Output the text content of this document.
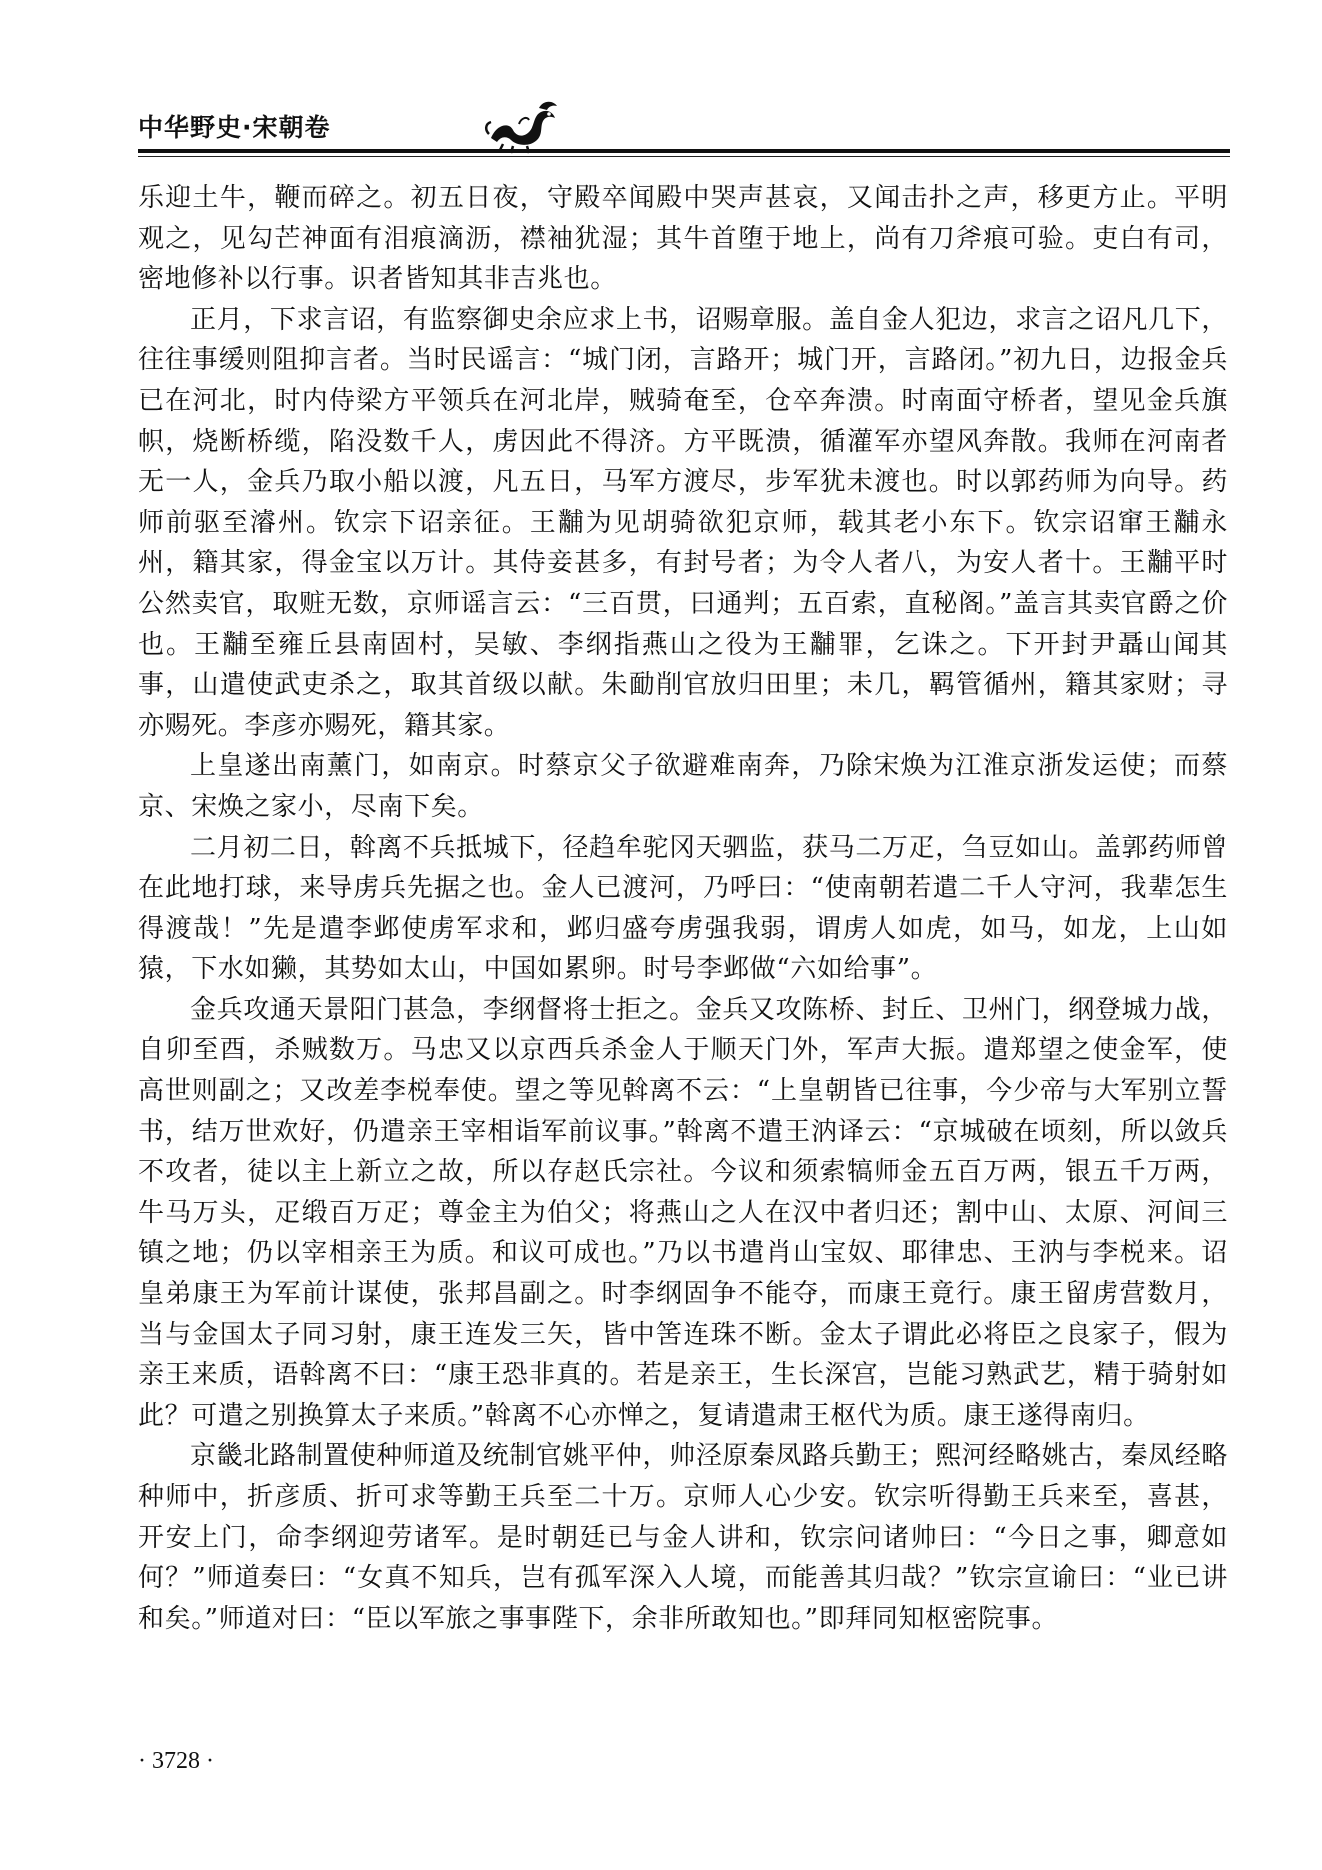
中华野史·宋朝卷

乐迎土牛，鞭而碎之。初五日夜，守殿卒闻殿中哭声甚哀，又闻击扑之声，移更方止。平明观之，见勾芒神面有泪痕滴沥，襟袖犹湿；其牛首堕于地上，尚有刀斧痕可验。吏白有司，密地修补以行事。识者皆知其非吉兆也。

正月，下求言诏，有监察御史余应求上书，诏赐章服。盖自金人犯边，求言之诏凡几下，往往事缓则阻抑言者。当时民谣言：“城门闭，言路开；城门开，言路闭。”初九日，边报金兵已在河北，时内侍梁方平领兵在河北岸，贼骑奄至，仓卒奔溃。时南面守桥者，望见金兵旗帜，烧断桥缆，陷没数千人，虏因此不得济。方平既溃，循灌军亦望风奔散。我师在河南者无一人，金兵乃取小船以渡，凡五日，马军方渡尽，步军犹未渡也。时以郭药师为向导。药师前驱至濬州。钦宗下诏亲征。王黼为见胡骑欲犯京师，载其老小东下。钦宗诏窜王黼永州，籍其家，得金宝以万计。其侍妾甚多，有封号者；为令人者八，为安人者十。王黼平时公然卖官，取赃无数，京师谣言云：“三百贯，曰通判；五百索，直秘阁。”盖言其卖官爵之价也。王黼至雍丘县南固村，吴敏、李纲指燕山之役为王黼罪，乞诛之。下开封尹聶山闻其事，山遣使武吏杀之，取其首级以献。朱勔削官放归田里；未几，羁管循州，籍其家财；寻亦赐死。李彦亦赐死，籍其家。

上皇遂出南薰门，如南京。时蔡京父子欲避难南奔，乃除宋焕为江淮京浙发运使；而蔡京、宋焕之家小，尽南下矣。

二月初二日，斡离不兵抵城下，径趋牟驼冈天驷监，获马二万疋，刍豆如山。盖郭药师曾在此地打球，来导虏兵先据之也。金人已渡河，乃呼曰：“使南朝若遣二千人守河，我辈怎生得渡哉！”先是遣李邺使虏军求和，邺归盛夸虏强我弱，谓虏人如虎，如马，如龙，上山如猿，下水如獭，其势如太山，中国如累卵。时号李邺做“六如给事”。

金兵攻通天景阳门甚急，李纲督将士拒之。金兵又攻陈桥、封丘、卫州门，纲登城力战，自卯至酉，杀贼数万。马忠又以京西兵杀金人于顺天门外，军声大振。遣郑望之使金军，使高世则副之；又改差李棁奉使。望之等见斡离不云：“上皇朝皆已往事，今少帝与大军别立誓书，结万世欢好，仍遣亲王宰相诣军前议事。”斡离不遣王汭译云：“京城破在顷刻，所以敛兵不攻者，徒以主上新立之故，所以存赵氏宗社。今议和须索犒师金五百万两，银五千万两，牛马万头，疋缎百万疋；尊金主为伯父；将燕山之人在汉中者归还；割中山、太原、河间三镇之地；仍以宰相亲王为质。和议可成也。”乃以书遣肖山宝奴、耶律忠、王汭与李棁来。诏皇弟康王为军前计谋使，张邦昌副之。时李纲固争不能夺，而康王竟行。康王留虏营数月，当与金国太子同习射，康王连发三矢，皆中筈连珠不断。金太子谓此必将臣之良家子，假为亲王来质，语斡离不曰：“康王恐非真的。若是亲王，生长深宫，岂能习熟武艺，精于骑射如此？可遣之别换算太子来质。”斡离不心亦惮之，复请遣肃王枢代为质。康王遂得南归。

京畿北路制置使种师道及统制官姚平仲，帅泾原秦凤路兵勤王；熙河经略姚古，秦凤经略种师中，折彦质、折可求等勤王兵至二十万。京师人心少安。钦宗听得勤王兵来至，喜甚，开安上门，命李纲迎劳诸军。是时朝廷已与金人讲和，钦宗问诸帅曰：“今日之事，卿意如何？”师道奏曰：“女真不知兵，岂有孤军深入人境，而能善其归哉？”钦宗宣谕曰：“业已讲和矣。”师道对曰：“臣以军旅之事事陛下，余非所敢知也。”即拜同知枢密院事。

· 3728 ·
